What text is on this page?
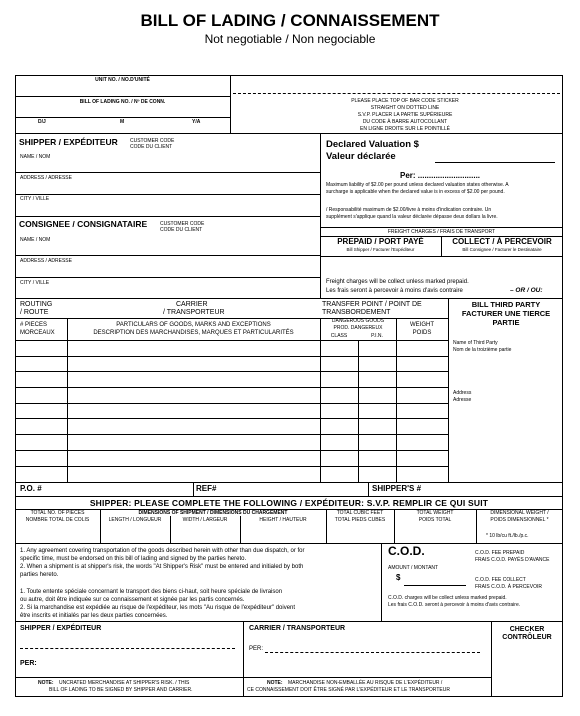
BILL OF LADING / CONNAISSEMENT
Not negotiable / Non negociable
UNIT NO. / NO.D'UNITÉ
BILL OF LADING NO. / Nº DE CONN.
D/J	M	Y/A
PLEASE PLACE TOP OF BAR CODE STICKER
STRAIGHT ON DOTTED LINE
S.V.P. PLACER LA PARTIE SUPÉRIEURE
DU CODE À BARRE AUTOCOLLANT
EN LIGNE DROITE SUR LE POINTILLÉ
SHIPPER / EXPÉDITEUR CUSTOMER CODE
CODE DU CLIENT
NAME / NOM
ADDRESS / ADRESSE
CITY / VILLE
CONSIGNEE / CONSIGNATAIRE	CUSTOMER CODE
CODE DU CLIENT
NAME / NOM
ADDRESS / ADRESSE
CITY / VILLE
Declared Valuation $
Valeur déclarée
Per: ............................
Maximum liability of $2.00 per pound unless declared valuation states otherwise. A
surcharge is applicable when the declared value is in excess of $2.00 per pound.
/ Responsabilité maximum de $2.00/livre à moins d'indication contraire. Un
supplément s'applique quand la valeur déclarée dépasse deux dollars la livre.
FREIGHT CHARGES / FRAIS DE TRANSPORT
PREPAID / PORT PAYÉ
Bill Shipper / Facturer l'Expéditeur
COLLECT / À PERCEVOIR
Bill Consignee / Facturer le Destinataire
Freight charges will be collect unless marked prepaid.
Les frais seront à percevoir à moins d'avis contraire	– OR / OU:
ROUTING
/ ROUTE
CARRIER
/ TRANSPORTEUR
TRANSFER POINT / POINT DE
TRANSBORDEMENT
# PIECES
MORCEAUX
PARTICULARS OF GOODS, MARKS AND EXCEPTIONS
DESCRIPTION DES MARCHANDISES, MARQUES ET PARTICULARITÉS
DANGEROUS GOODS
PROD. DANGEREUX
CLASS	P.I.N.
WEIGHT
POIDS
BILL THIRD PARTY
FACTURER UNE TIERCE
PARTIE
Name of Third Party
Nom de la troizième partie
Address
Adresse
P.O. #	REF#	SHIPPER'S #
SHIPPER: PLEASE COMPLETE THE FOLLOWING / EXPÉDITEUR: S.V.P. REMPLIR CE QUI SUIT
TOTAL NO. OF PIECES
NOMBRE TOTAL DE COLIS
DIMENSIONS OF SHIPMENT / DIMENSIONS DU CHARGEMENT
LENGTH / LONGUEUR	WIDTH / LARGEUR	HEIGHT / HAUTEUR
TOTAL CUBIC FEET
TOTAL PIEDS CUBES
TOTAL WEIGHT
POIDS TOTAL
DIMENSIONAL WEIGHT /
POIDS DIMENSIONNEL *
* 10 lb/cu ft./lb./p.c.
1. Any agreement covering transportation of the goods described herein with other than due dispatch, or for
specific time, must be endorsed on this bill of lading and signed by the parties hereto.
2. When a shipment is at shipper's risk, the words "At Shipper's Risk" must be entered and initialed by both
parties hereto.
1. Toute entente spéciale concernant le transport des biens ci-haut, soit heure spéciale de livraison
ou autre, doit être indiquée sur ce connaissement et signée par les partis concernés.
2. Si la marchandise est expédiée au risque de l'expéditeur, les mots "Au risque de l'expéditeur" doivent
être inscrits et initialés par les deux parties concernées.
C.O.D.
AMOUNT / MONTANT
$
C.O.D. FEE PREPAID
FRAIS C.O.D. PAYÉS D'AVANCE
C.O.D. FEE COLLECT
FRAIS C.O.D. À PERCEVOIR
C.O.D. charges will be collect unless marked prepaid.
Les frais C.O.D. seront à percevoir à moins d'avis contraire.
SHIPPER / EXPÉDITEUR
PER:
NOTE: UNCRATED MERCHANDISE AT SHIPPER'S RISK. / THIS
BILL OF LADING TO BE SIGNED BY SHIPPER AND CARRIER.
CARRIER / TRANSPORTEUR
PER:
NOTE: MARCHANDISE NON-EMBALLÉE AU RISQUE DE L'EXPÉDITEUR /
CE CONNAISSEMENT DOIT ÊTRE SIGNÉ PAR L'EXPÉDITEUR ET LE TRANSPORTEUR
CHECKER
CONTRÔLEUR
